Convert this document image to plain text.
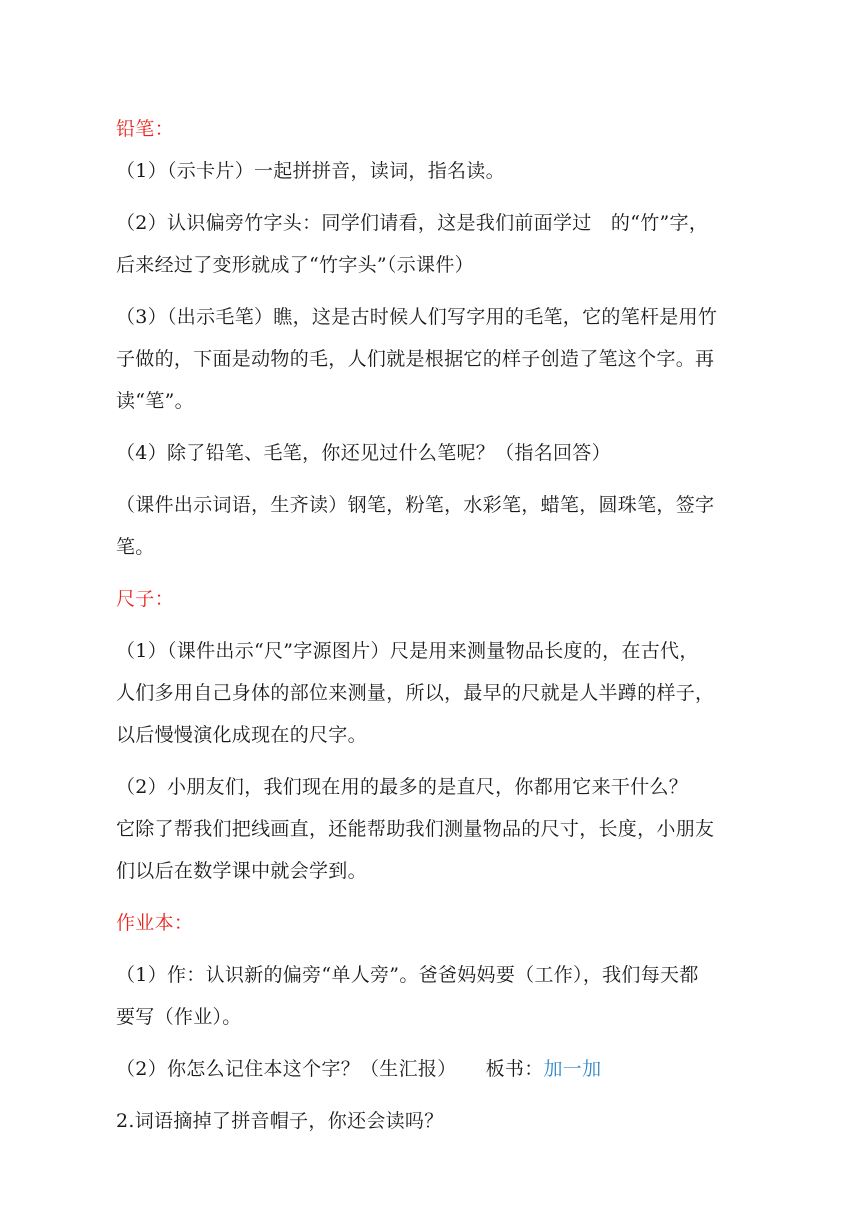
铅笔：
（1）（示卡片）一起拼拼音，读词，指名读。
（2）认识偏旁竹字头：同学们请看，这是我们前面学过　的“竹”字，
后来经过了变形就成了“竹字头”（示课件）
（3）（出示毛笔）瞧，这是古时候人们写字用的毛笔，它的笔杆是用竹
子做的，下面是动物的毛，人们就是根据它的样子创造了笔这个字。再
读“笔”。
（4）除了铅笔、毛笔，你还见过什么笔呢？（指名回答）
（课件出示词语，生齐读）钢笔，粉笔，水彩笔，蜡笔，圆珠笔，签字
笔。
尺子：
（1）（课件出示“尺”字源图片）尺是用来测量物品长度的，在古代，
人们多用自己身体的部位来测量，所以，最早的尺就是人半蹲的样子，
以后慢慢演化成现在的尺字。
（2）小朋友们，我们现在用的最多的是直尺，你都用它来干什么？
它除了帮我们把线画直，还能帮助我们测量物品的尺寸，长度，小朋友
们以后在数学课中就会学到。
作业本：
（1）作：认识新的偏旁“单人旁”。爸爸妈妈要（工作），我们每天都
要写（作业）。
（2）你怎么记住本这个字？（生汇报）　　板书：加一加
2.词语摘掉了拼音帽子，你还会读吗？
